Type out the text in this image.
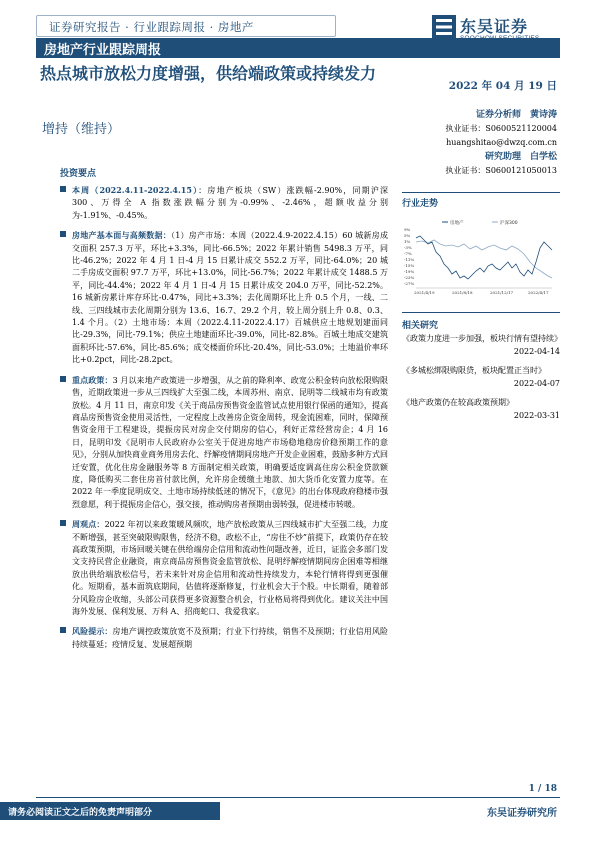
证券研究报告 · 行业跟踪周报 · 房地产	东吴证券
房地产行业跟踪周报
热点城市放松力度增强，供给端政策或持续发力
增持（维持）
2022 年 04 月 19 日
证券分析师　黄诗涛
执业证书：S0600521120004
huangshitao@dwzq.com.cn
研究助理　白学松
执业证书：S0600121050013
投资要点
本周（2022.4.11-2022.4.15）：房地产板块（SW）涨跌幅-2.90%，同期沪深 300、万得全 A 指数涨跌幅分别为-0.99%、-2.46%，超额收益分别为-1.91%、-0.45%。
房地产基本面与高频数据：（1）房产市场：本周（2022.4.9-2022.4.15）60 城新房成交面积 257.3 万平，环比+3.3%，同比-66.5%；2022 年累计销售 5498.3 万平，同比-46.2%；2022 年 4 月 1 日-4 月 15 日累计成交 552.2 万平，同比-64.0%；20 城二手房成交面积 97.7 万平，环比+13.0%，同比-56.7%；2022 年累计成交 1488.5 万平，同比-44.4%；2022 年 4 月 1 日-4 月 15 日累计成交 204.0 万平，同比-52.2%。16 城新房累计库存环比-0.47%，同比+3.3%；去化周期环比上升 0.5 个月，一线、二线、三四线城市去化周期分别为 13.6、16.7、29.2 个月，较上周分别上升 0.8、0.3、1.4 个月。（2）土地市场：本周（2022.4.11-2022.4.17）百城供应土地规划建面同比-29.3%，同比-79.1%；供应土地建面环比-39.0%，同比-82.8%。百城土地成交建筑面积环比-57.6%，同比-85.6%；成交楼面价环比-20.4%，同比-53.0%；土地溢价率环比+0.2pct，同比-28.2pct。
重点政策：3 月以来地产政策进一步增强，从之前的降利率、政宽公积金转向放松限购限售，近期政策进一步从三四线扩大至强二线，本周苏州、南京、昆明等二线城市均有政策放松。4 月 11 日，南京印发《关于商品房预售资金监管试点使用银行保函的通知》，提高商品房预售资金使用灵活性，一定程度上改善房企资金周转，现金流困难，同时，保障预售资金用于工程建设，提振房民对房企交付期房的信心，利好正常经营房企；4 月 16 日，昆明印发《昆明市人民政府办公室关于促进房地产市场稳地稳房价稳预期工作的意见》，分别从加快商业商务用房去化、纾解疫情期间房地产开发企业困难，鼓励多种方式回迁安置，优化住房金融服务等 8 方面制定相关政策，明确要适度调高住房公积金贷款额度，降低购买二套住房首付款比例，允许房企缓缴土地款、加大货币化安置力度等。在 2022 年一季度昆明成交、土地市场持续低迷的情况下，《意见》的出台体现政府稳楼市强烈意愿，利于提振房企信心，强交接，推动购房者预期由弱转强，促进楼市转暖。
周观点：2022 年初以来政策暖风频吹，地产放松政策从三四线城市扩大至强二线，力度不断增强，甚至突破限购限售，经济不稳，政松不止，“房住不炒”前提下，政策仍存在较高政策预期，市场回暖关键在供给端房企信用和流动性问题改善，近日，证监会多部门发文支持民营企业融资，南京商品房预售资金监管放松、昆明纾解疫情期间房企困难等相继放出供给端放松信号，若未来针对房企信用和流动性持续发力，本轮行情将得到更强催化。短期看，基本面筑底期间，估值将逐渐修复，行业机会大于个股。中长期看，随着部分风险房企收缩，头部公司获得更多资源整合机会，行业格局将得到优化。建议关注中国海外发展、保利发展、万科 A、招商蛇口、我爱我家。
风险提示：房地产调控政策放宽不及预期；行业下行持续，销售不及预期；行业信用风险持续蔓延；疫情反复、发展超预期
行业走势
房地产	沪深300
9%
5%
1%
-3%
-7%
-11%
-15%
-19%
-23%
-27%
2021/4/19	2021/8/18	2021/12/17	2022/4/17
相关研究
《政策力度进一步加强，板块行情有望持续》
2022-04-14
《多城松绑限购限贷，板块配置正当时》
2022-04-07
《地产政策仍在较高政策预期》
2022-03-31
1 / 18
请务必阅读正文之后的免责声明部分	东吴证券研究所
